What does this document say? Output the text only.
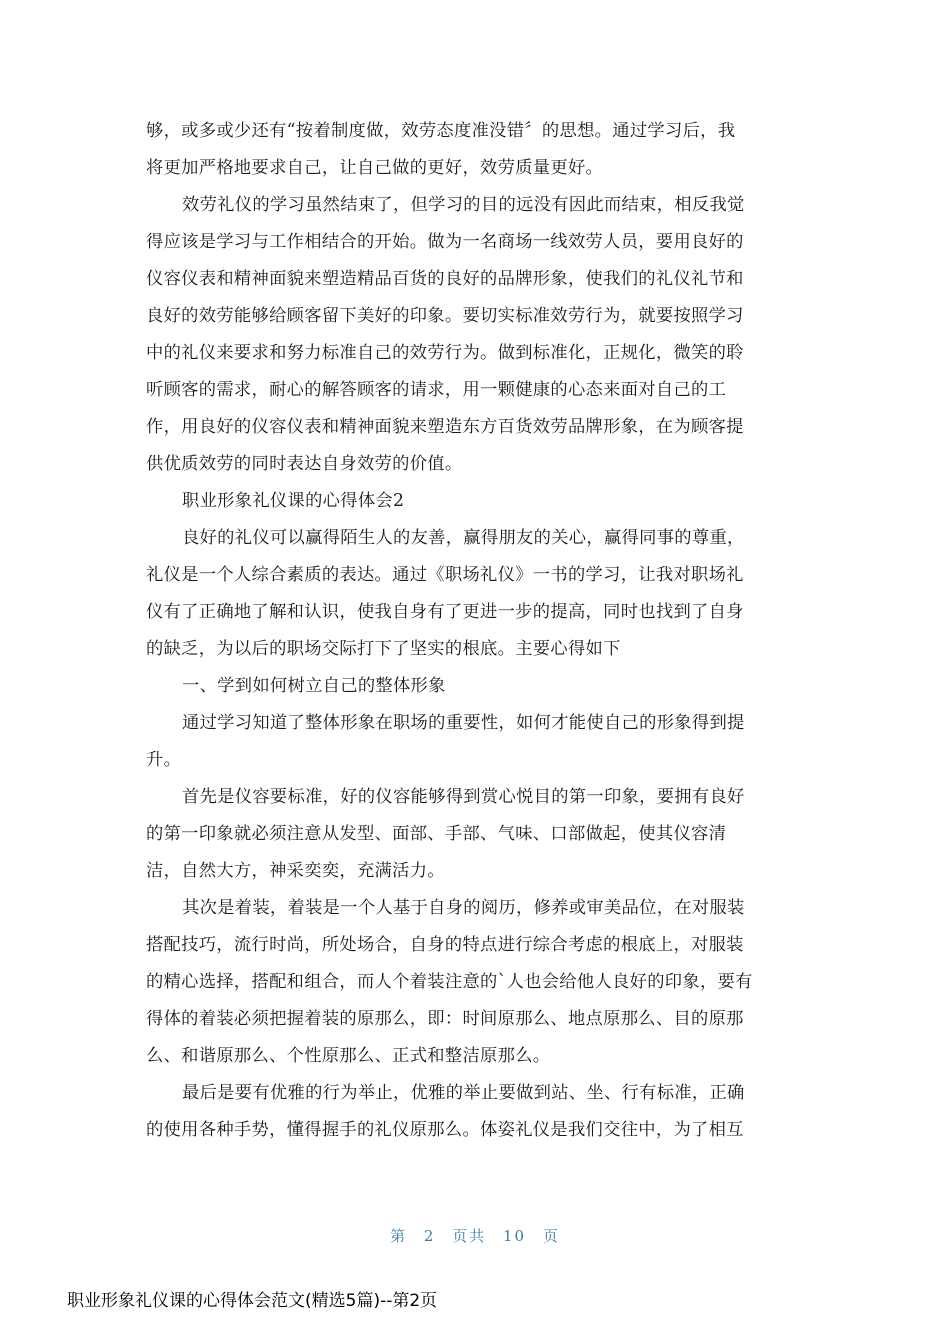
够，或多或少还有“按着制度做，效劳态度准没错〞的思想。通过学习后，我
将更加严格地要求自己，让自己做的更好，效劳质量更好。
效劳礼仪的学习虽然结束了，但学习的目的远没有因此而结束，相反我觉
得应该是学习与工作相结合的开始。做为一名商场一线效劳人员，要用良好的
仪容仪表和精神面貌来塑造精品百货的良好的品牌形象，使我们的礼仪礼节和
良好的效劳能够给顾客留下美好的印象。要切实标准效劳行为，就要按照学习
中的礼仪来要求和努力标准自己的效劳行为。做到标准化，正规化，微笑的聆
听顾客的需求，耐心的解答顾客的请求，用一颗健康的心态来面对自己的工
作，用良好的仪容仪表和精神面貌来塑造东方百货效劳品牌形象，在为顾客提
供优质效劳的同时表达自身效劳的价值。
职业形象礼仪课的心得体会2
良好的礼仪可以赢得陌生人的友善，赢得朋友的关心，赢得同事的尊重，
礼仪是一个人综合素质的表达。通过《职场礼仪》一书的学习，让我对职场礼
仪有了正确地了解和认识，使我自身有了更进一步的提高，同时也找到了自身
的缺乏，为以后的职场交际打下了坚实的根底。主要心得如下
一、学到如何树立自己的整体形象
通过学习知道了整体形象在职场的重要性，如何才能使自己的形象得到提
升。
首先是仪容要标准，好的仪容能够得到赏心悦目的第一印象，要拥有良好
的第一印象就必须注意从发型、面部、手部、气味、口部做起，使其仪容清
洁，自然大方，神采奕奕，充满活力。
其次是着装，着装是一个人基于自身的阅历，修养或审美品位，在对服装
搭配技巧，流行时尚，所处场合，自身的特点进行综合考虑的根底上，对服装
的精心选择，搭配和组合，而人个着装注意的`人也会给他人良好的印象，要有
得体的着装必须把握着装的原那么，即：时间原那么、地点原那么、目的原那
么、和谐原那么、个性原那么、正式和整洁原那么。
最后是要有优雅的行为举止，优雅的举止要做到站、坐、行有标准，正确
的使用各种手势，懂得握手的礼仪原那么。体姿礼仪是我们交往中，为了相互
第 2 页共 10 页
职业形象礼仪课的心得体会范文(精选5篇)--第2页
